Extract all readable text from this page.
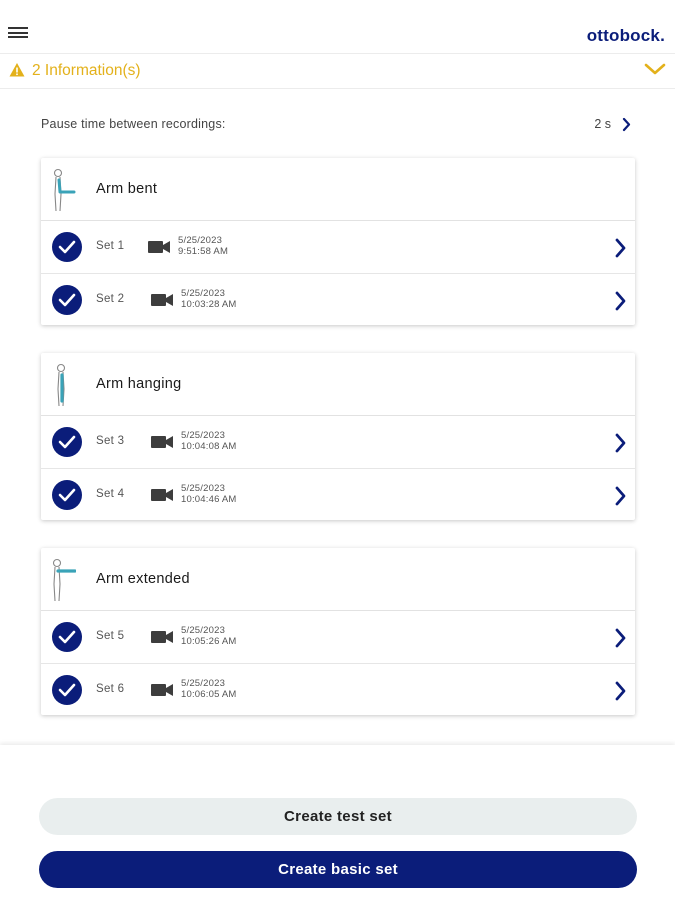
ottobock.
2 Information(s)
Pause time between recordings:	2 s
Arm bent
Set 1	5/25/2023
9:51:58 AM
Set 2	5/25/2023
10:03:28 AM
Arm hanging
Set 3	5/25/2023
10:04:08 AM
Set 4	5/25/2023
10:04:46 AM
Arm extended
Set 5	5/25/2023
10:05:26 AM
Set 6	5/25/2023
10:06:05 AM
Create test set
Create basic set
